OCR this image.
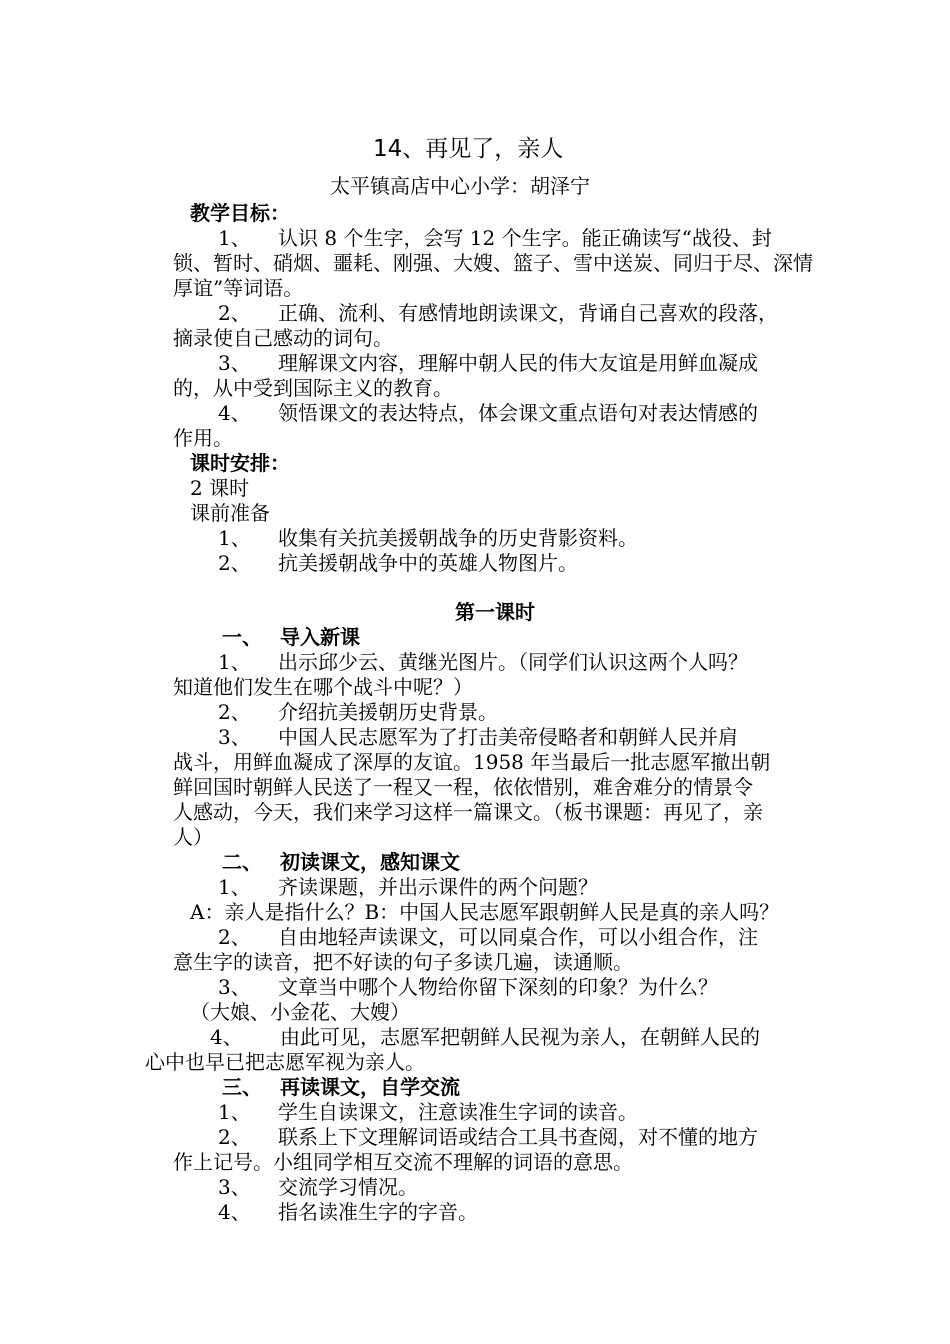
14、再见了，亲人
太平镇高店中心小学：胡泽宁
教学目标：
1、 认识 8 个生字，会写 12 个生字。能正确读写“战役、封
锁、暂时、硝烟、噩耗、刚强、大嫂、篮子、雪中送炭、同归于尽、深情
厚谊”等词语。
2、 正确、流利、有感情地朗读课文，背诵自己喜欢的段落，
摘录使自己感动的词句。
3、 理解课文内容，理解中朝人民的伟大友谊是用鲜血凝成
的，从中受到国际主义的教育。
4、 领悟课文的表达特点，体会课文重点语句对表达情感的
作用。
课时安排：
2 课时
课前准备
1、 收集有关抗美援朝战争的历史背影资料。
2、 抗美援朝战争中的英雄人物图片。
第一课时
一、 导入新课
1、 出示邱少云、黄继光图片。（同学们认识这两个人吗？
知道他们发生在哪个战斗中呢？）
2、 介绍抗美援朝历史背景。
3、 中国人民志愿军为了打击美帝侵略者和朝鲜人民并肩
战斗，用鲜血凝成了深厚的友谊。1958 年当最后一批志愿军撤出朝
鲜回国时朝鲜人民送了一程又一程，依依惜别，难舍难分的情景令
人感动，今天，我们来学习这样一篇课文。（板书课题：再见了，亲
人）
二、 初读课文，感知课文
1、 齐读课题，并出示课件的两个问题？
A：亲人是指什么？B：中国人民志愿军跟朝鲜人民是真的亲人吗？
2、 自由地轻声读课文，可以同桌合作，可以小组合作，注
意生字的读音，把不好读的句子多读几遍，读通顺。
3、 文章当中哪个人物给你留下深刻的印象？为什么？
（大娘、小金花、大嫂）
4、 由此可见，志愿军把朝鲜人民视为亲人，在朝鲜人民的
心中也早已把志愿军视为亲人。
三、 再读课文，自学交流
1、 学生自读课文，注意读准生字词的读音。
2、 联系上下文理解词语或结合工具书查阅，对不懂的地方
作上记号。小组同学相互交流不理解的词语的意思。
3、 交流学习情况。
4、 指名读准生字的字音。
